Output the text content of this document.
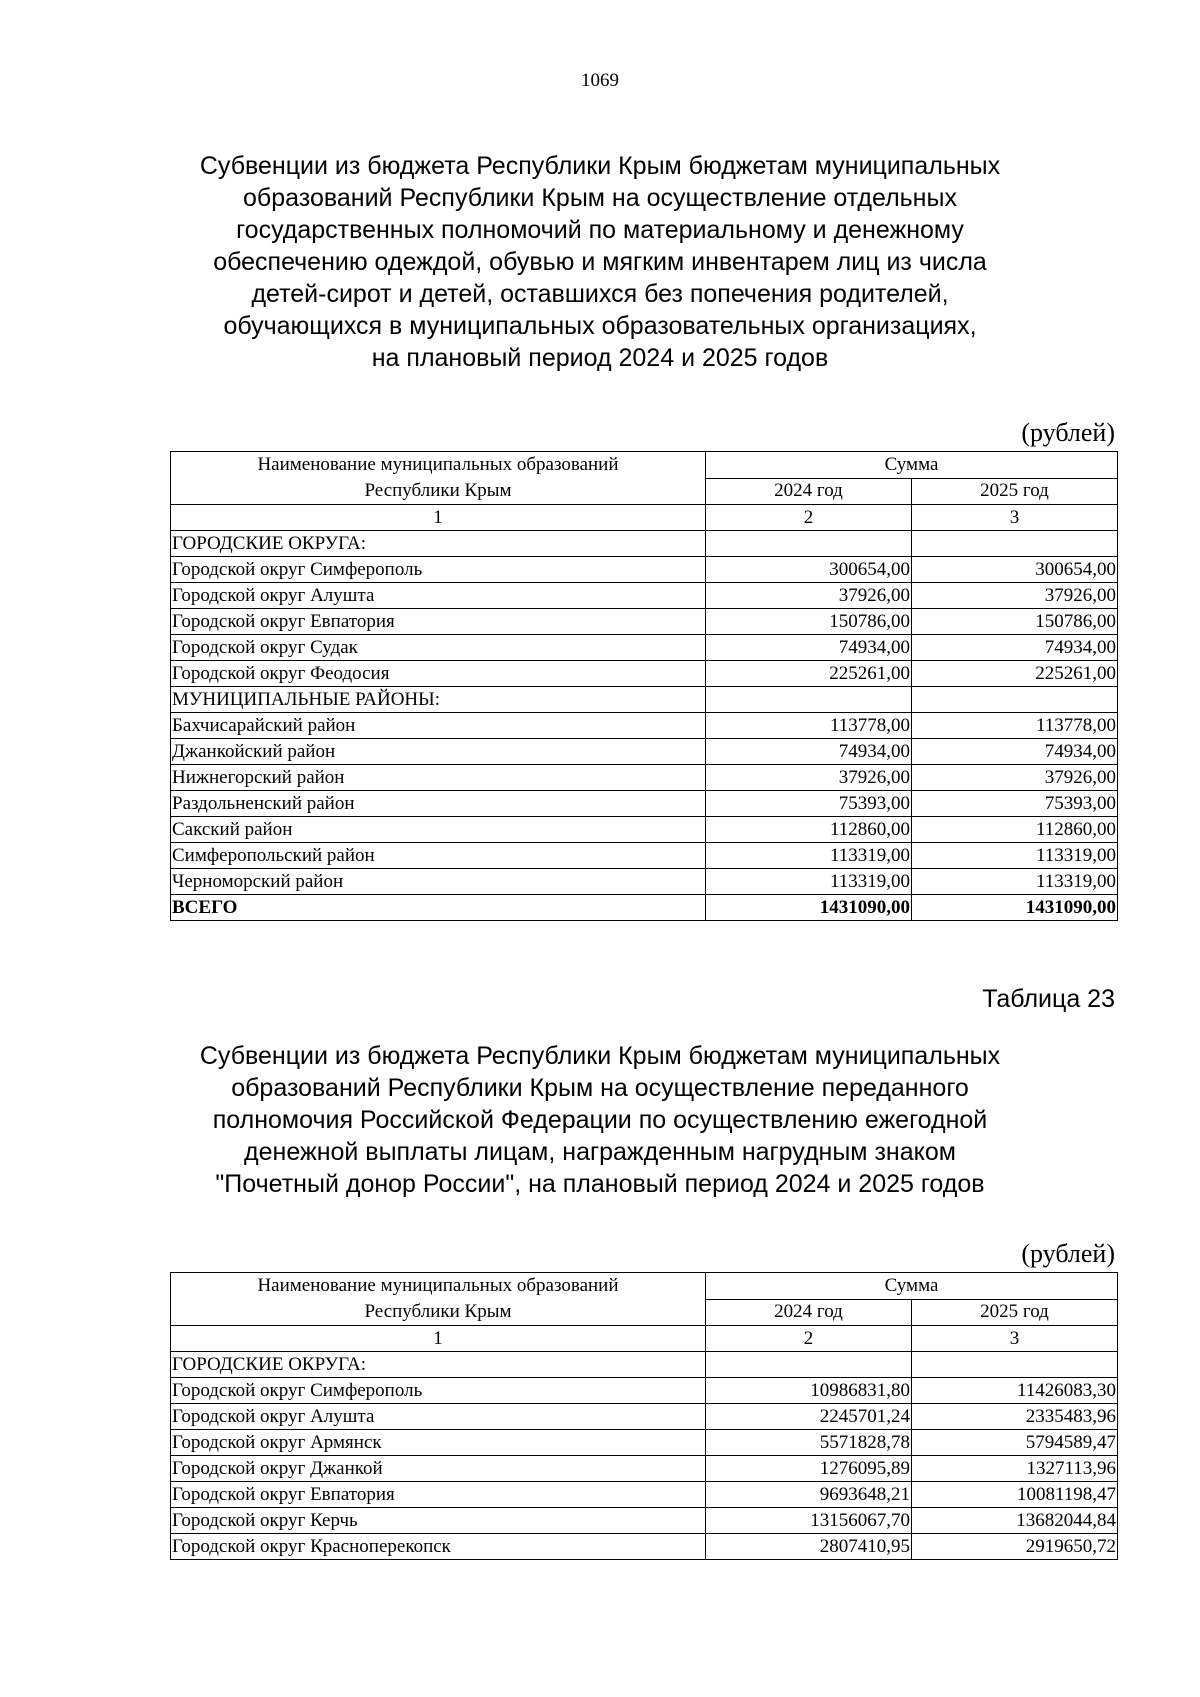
1069
Субвенции из бюджета Республики Крым бюджетам муниципальных
образований Республики Крым на осуществление отдельных
государственных полномочий по материальному и денежному
обеспечению одеждой, обувью и мягким инвентарем лиц из числа
детей-сирот и детей, оставшихся без попечения родителей,
обучающихся в муниципальных образовательных организациях,
на плановый период 2024 и 2025 годов
(рублей)
Наименование муниципальных образований
Республики Крым	Сумма	
	2024 год	2025 год
1	2	3
ГОРОДСКИЕ ОКРУГА:		
Городской округ Симферополь	300654,00	300654,00
Городской округ Алушта	37926,00	37926,00
Городской округ Евпатория	150786,00	150786,00
Городской округ Судак	74934,00	74934,00
Городской округ Феодосия	225261,00	225261,00
МУНИЦИПАЛЬНЫЕ РАЙОНЫ:		
Бахчисарайский район	113778,00	113778,00
Джанкойский район	74934,00	74934,00
Нижнегорский район	37926,00	37926,00
Раздольненский район	75393,00	75393,00
Сакский район	112860,00	112860,00
Симферопольский район	113319,00	113319,00
Черноморский район	113319,00	113319,00
ВСЕГО	1431090,00	1431090,00
Таблица 23
Субвенции из бюджета Республики Крым бюджетам муниципальных
образований Республики Крым на осуществление переданного
полномочия Российской Федерации по осуществлению ежегодной
денежной выплаты лицам, награжденным нагрудным знаком
"Почетный донор России", на плановый период 2024 и 2025 годов
(рублей)
Наименование муниципальных образований
Республики Крым	Сумма	
	2024 год	2025 год
1	2	3
ГОРОДСКИЕ ОКРУГА:		
Городской округ Симферополь	10986831,80	11426083,30
Городской округ Алушта	2245701,24	2335483,96
Городской округ Армянск	5571828,78	5794589,47
Городской округ Джанкой	1276095,89	1327113,96
Городской округ Евпатория	9693648,21	10081198,47
Городской округ Керчь	13156067,70	13682044,84
Городской округ Красноперекопск	2807410,95	2919650,72
